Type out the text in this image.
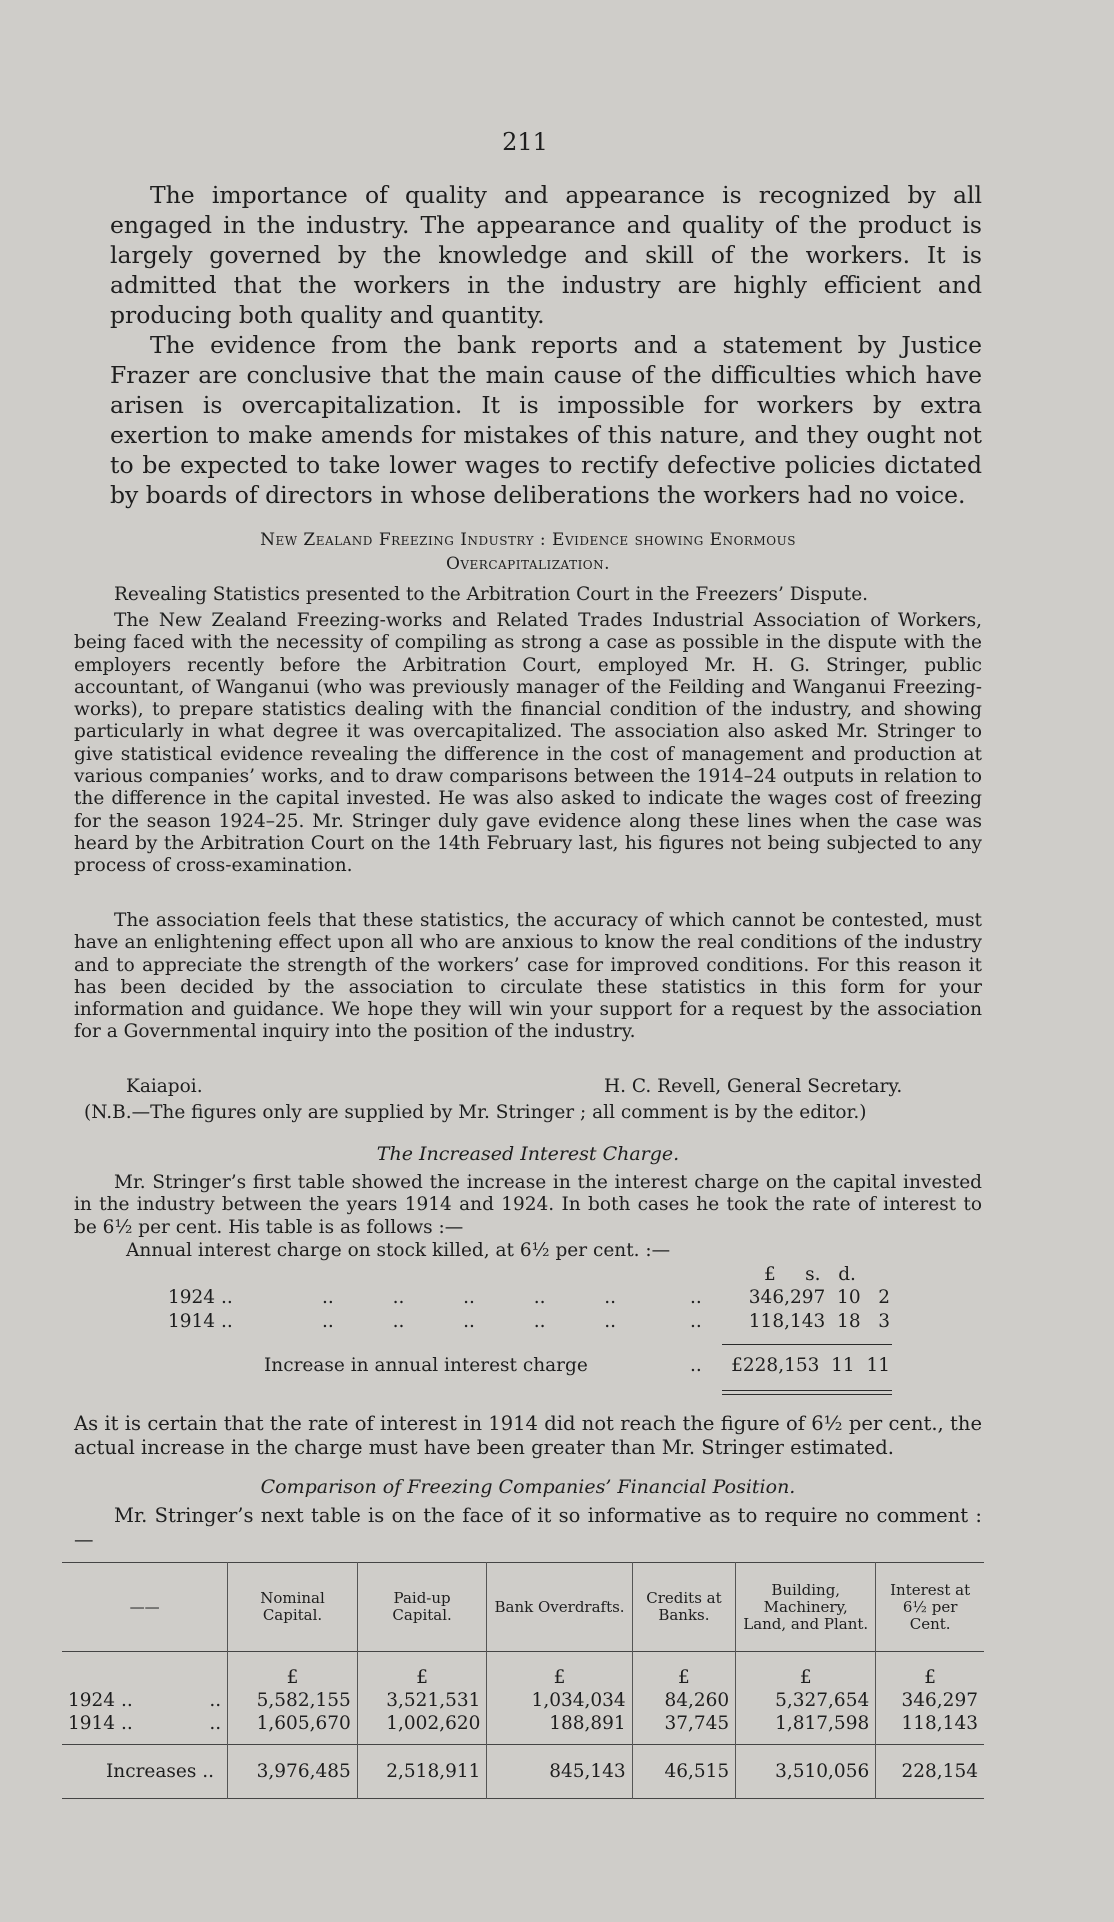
211

The importance of quality and appearance is recognized by all engaged in the industry. The appearance and quality of the product is largely governed by the knowledge and skill of the workers. It is admitted that the workers in the industry are highly efficient and producing both quality and quantity.

The evidence from the bank reports and a statement by Justice Frazer are conclusive that the main cause of the difficulties which have arisen is overcapitalization. It is impossible for workers by extra exertion to make amends for mistakes of this nature, and they ought not to be expected to take lower wages to rectify defective policies dictated by boards of directors in whose deliberations the workers had no voice.

New Zealand Freezing Industry : Evidence showing Enormous
Overcapitalization.

Revealing Statistics presented to the Arbitration Court in the Freezers’ Dispute.

The New Zealand Freezing-works and Related Trades Industrial Association of Workers, being faced with the necessity of compiling as strong a case as possible in the dispute with the employers recently before the Arbitration Court, employed Mr. H. G. Stringer, public accountant, of Wanganui (who was previously manager of the Feilding and Wanganui Freezing-works), to prepare statistics dealing with the financial condition of the industry, and showing particularly in what degree it was overcapitalized. The association also asked Mr. Stringer to give statistical evidence revealing the difference in the cost of management and production at various companies’ works, and to draw comparisons between the 1914–24 outputs in relation to the difference in the capital invested. He was also asked to indicate the wages cost of freezing for the season 1924–25. Mr. Stringer duly gave evidence along these lines when the case was heard by the Arbitration Court on the 14th February last, his figures not being subjected to any process of cross-examination.

The association feels that these statistics, the accuracy of which cannot be contested, must have an enlightening effect upon all who are anxious to know the real conditions of the industry and to appreciate the strength of the workers’ case for improved conditions. For this reason it has been decided by the association to circulate these statistics in this form for your information and guidance. We hope they will win your support for a request by the association for a Governmental inquiry into the position of the industry.

Kaiapoi.	H. C. Revell, General Secretary.
(N.B.—The figures only are supplied by Mr. Stringer ; all comment is by the editor.)
The Increased Interest Charge.

Mr. Stringer’s first table showed the increase in the interest charge on the capital invested in the industry between the years 1914 and 1924. In both cases he took the rate of interest to be 6½ per cent. His table is as follows :—

Annual interest charge on stock killed, at 6½ per cent. :—
£     s.   d.
1924 ..	..          ..          ..          ..          ..	..	346,297  10   2
1914 ..	..          ..          ..          ..          ..	..	118,143  18   3
Increase in annual interest charge	..	£228,153  11  11

As it is certain that the rate of interest in 1914 did not reach the figure of 6½ per cent., the actual increase in the charge must have been greater than Mr. Stringer estimated.

Comparison of Freezing Companies’ Financial Position.

Mr. Stringer’s next table is on the face of it so informative as to require no comment :—

——	Nominal Capital.	Paid-up Capital.	Bank Overdrafts.	Credits at Banks.	Building, Machinery, Land, and Plant.	Interest at 6½ per Cent.

	£	£	£	£	£	£
1924 .. ..	5,582,155	3,521,531	1,034,034	84,260	5,327,654	346,297
1914 .. ..	1,605,670	1,002,620	188,891	37,745	1,817,598	118,143

Increases ..	3,976,485	2,518,911	845,143	46,515	3,510,056	228,154
